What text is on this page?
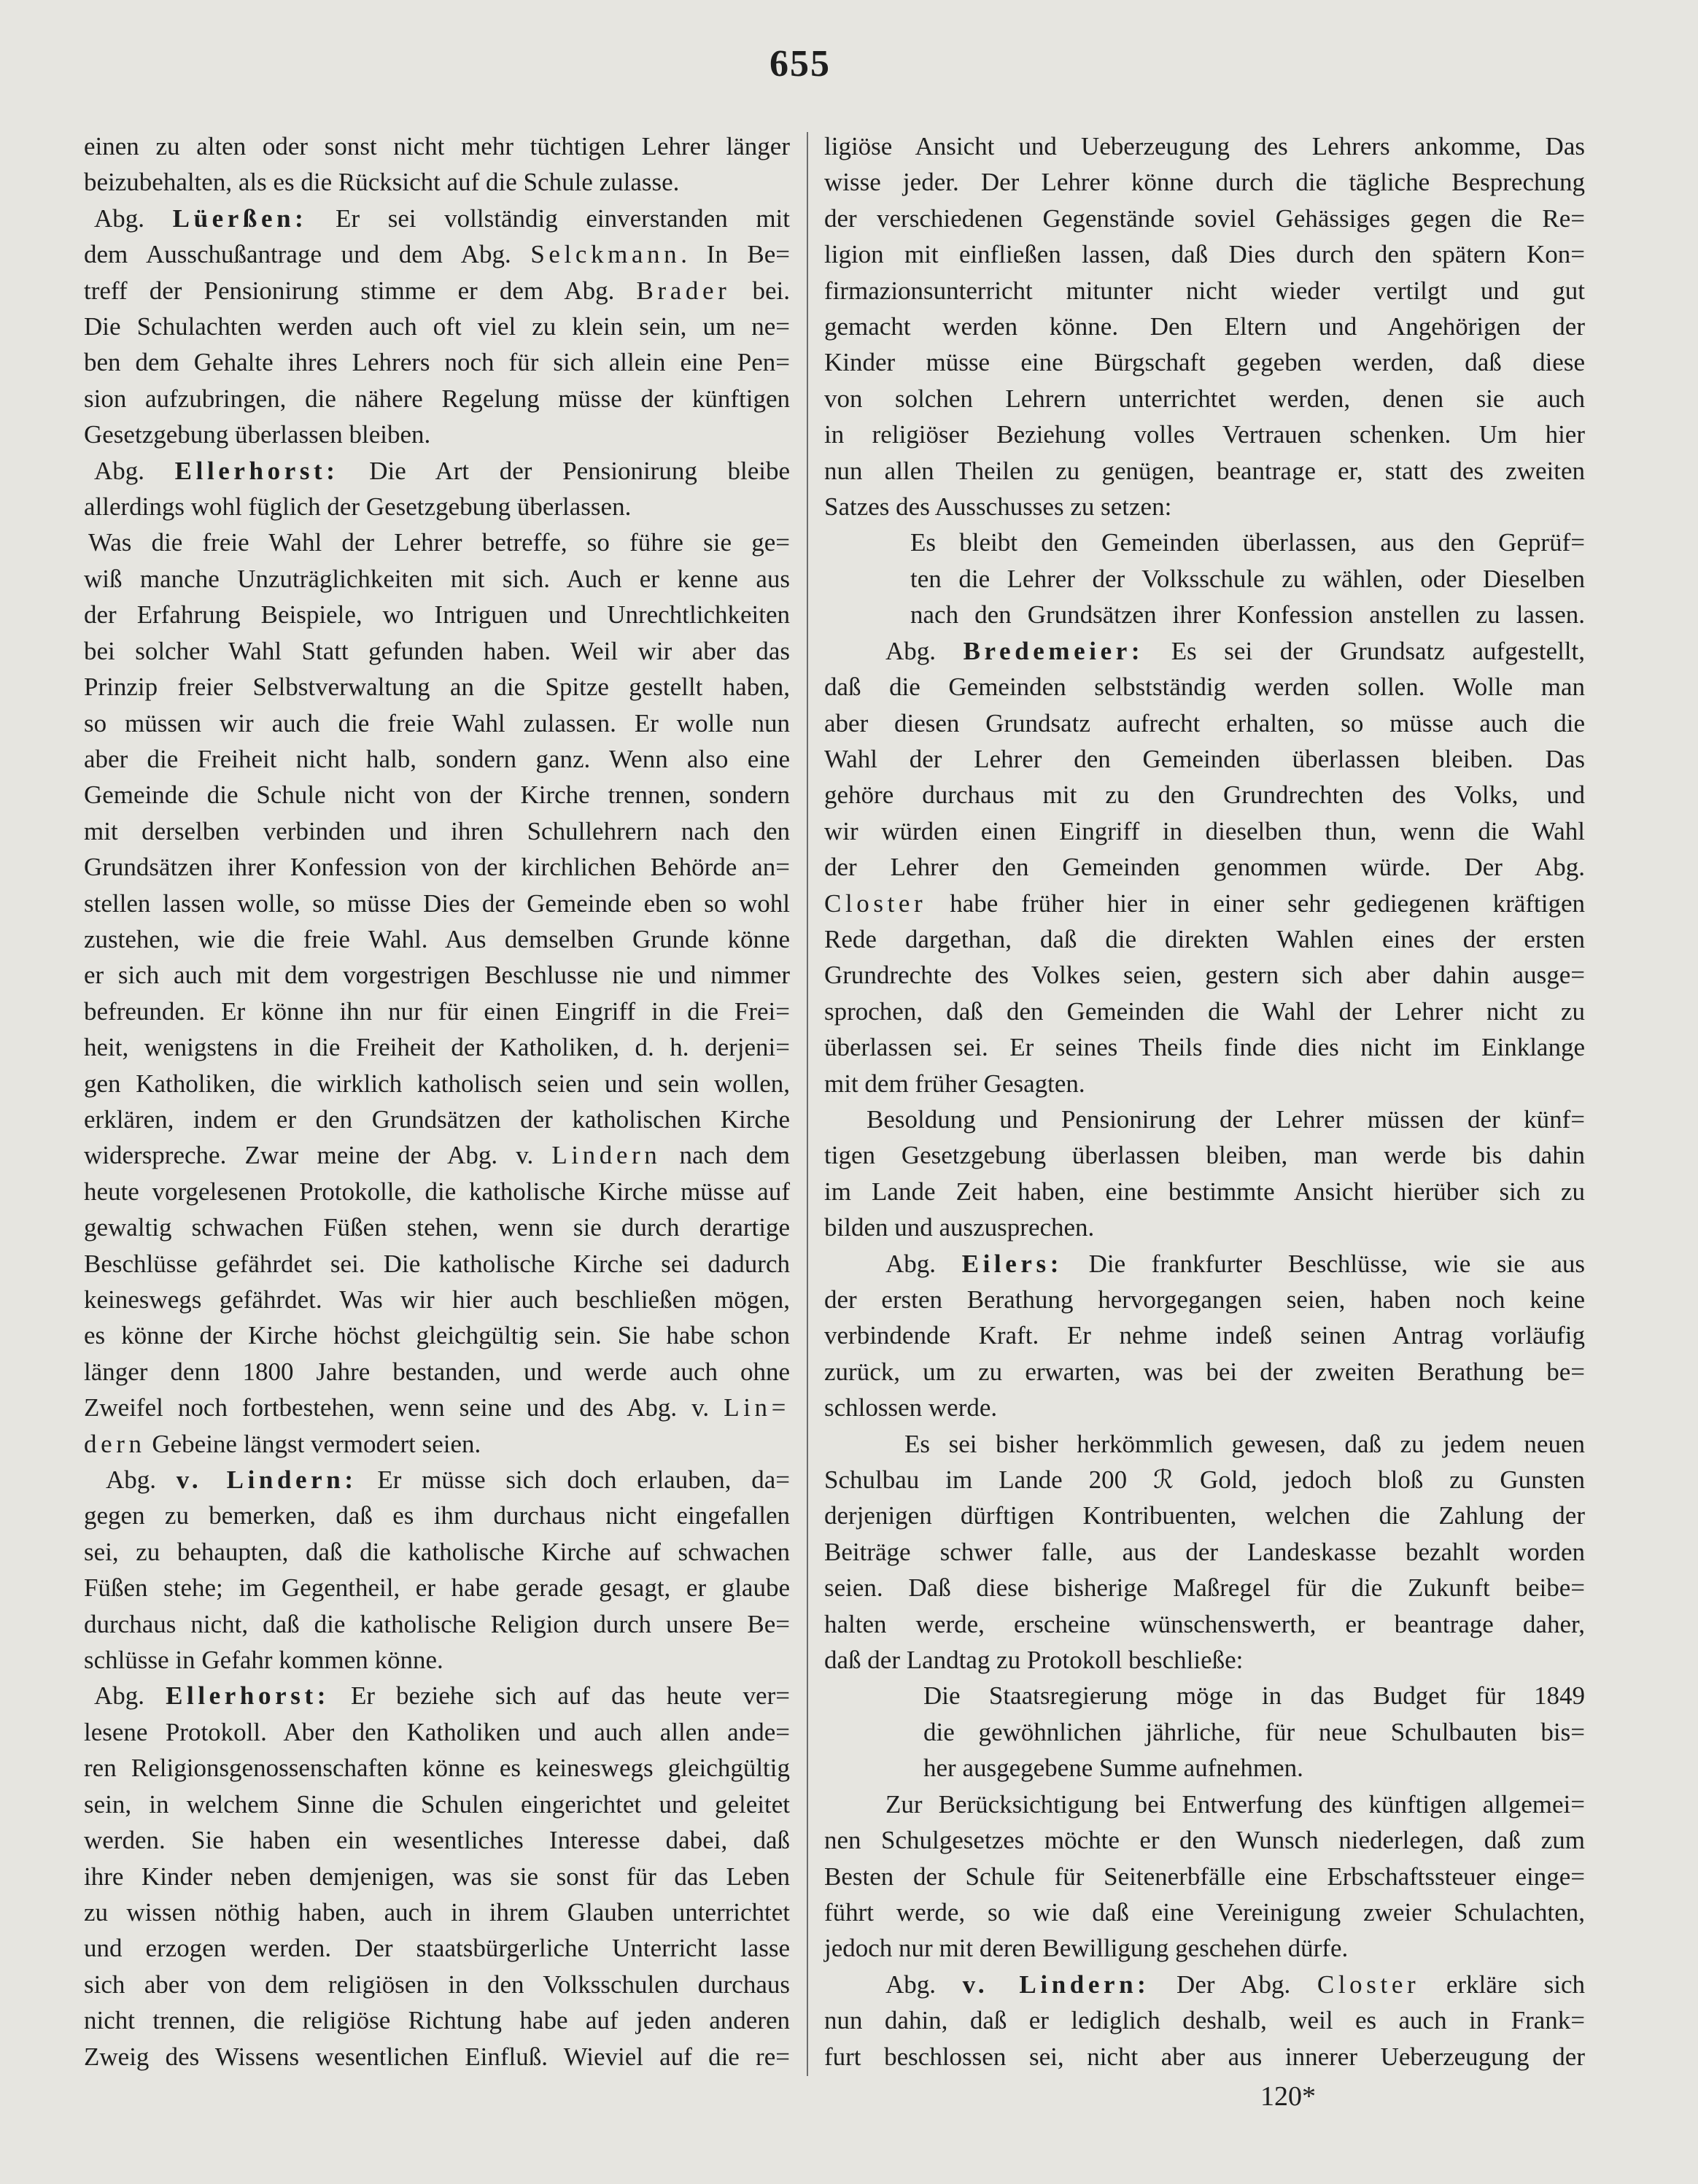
655
einen zu alten oder sonst nicht mehr tüchtigen Lehrer länger
beizubehalten, als es die Rücksicht auf die Schule zulasse.
Abg. Lüerßen: Er sei vollständig einverstanden mit
dem Ausschußantrage und dem Abg. Selckmann. In Be=
treff der Pensionirung stimme er dem Abg. Brader bei.
Die Schulachten werden auch oft viel zu klein sein, um ne=
ben dem Gehalte ihres Lehrers noch für sich allein eine Pen=
sion aufzubringen, die nähere Regelung müsse der künftigen
Gesetzgebung überlassen bleiben.
Abg. Ellerhorst: Die Art der Pensionirung bleibe
allerdings wohl füglich der Gesetzgebung überlassen.
Was die freie Wahl der Lehrer betreffe, so führe sie ge=
wiß manche Unzuträglichkeiten mit sich. Auch er kenne aus
der Erfahrung Beispiele, wo Intriguen und Unrechtlichkeiten
bei solcher Wahl Statt gefunden haben. Weil wir aber das
Prinzip freier Selbstverwaltung an die Spitze gestellt haben,
so müssen wir auch die freie Wahl zulassen. Er wolle nun
aber die Freiheit nicht halb, sondern ganz. Wenn also eine
Gemeinde die Schule nicht von der Kirche trennen, sondern
mit derselben verbinden und ihren Schullehrern nach den
Grundsätzen ihrer Konfession von der kirchlichen Behörde an=
stellen lassen wolle, so müsse Dies der Gemeinde eben so wohl
zustehen, wie die freie Wahl. Aus demselben Grunde könne
er sich auch mit dem vorgestrigen Beschlusse nie und nimmer
befreunden. Er könne ihn nur für einen Eingriff in die Frei=
heit, wenigstens in die Freiheit der Katholiken, d. h. derjeni=
gen Katholiken, die wirklich katholisch seien und sein wollen,
erklären, indem er den Grundsätzen der katholischen Kirche
widerspreche. Zwar meine der Abg. v. Lindern nach dem
heute vorgelesenen Protokolle, die katholische Kirche müsse auf
gewaltig schwachen Füßen stehen, wenn sie durch derartige
Beschlüsse gefährdet sei. Die katholische Kirche sei dadurch
keineswegs gefährdet. Was wir hier auch beschließen mögen,
es könne der Kirche höchst gleichgültig sein. Sie habe schon
länger denn 1800 Jahre bestanden, und werde auch ohne
Zweifel noch fortbestehen, wenn seine und des Abg. v. Lin=
dern Gebeine längst vermodert seien.
Abg. v. Lindern: Er müsse sich doch erlauben, da=
gegen zu bemerken, daß es ihm durchaus nicht eingefallen
sei, zu behaupten, daß die katholische Kirche auf schwachen
Füßen stehe; im Gegentheil, er habe gerade gesagt, er glaube
durchaus nicht, daß die katholische Religion durch unsere Be=
schlüsse in Gefahr kommen könne.
Abg. Ellerhorst: Er beziehe sich auf das heute ver=
lesene Protokoll. Aber den Katholiken und auch allen ande=
ren Religionsgenossenschaften könne es keineswegs gleichgültig
sein, in welchem Sinne die Schulen eingerichtet und geleitet
werden. Sie haben ein wesentliches Interesse dabei, daß
ihre Kinder neben demjenigen, was sie sonst für das Leben
zu wissen nöthig haben, auch in ihrem Glauben unterrichtet
und erzogen werden. Der staatsbürgerliche Unterricht lasse
sich aber von dem religiösen in den Volksschulen durchaus
nicht trennen, die religiöse Richtung habe auf jeden anderen
Zweig des Wissens wesentlichen Einfluß. Wieviel auf die re=
ligiöse Ansicht und Ueberzeugung des Lehrers ankomme, Das
wisse jeder. Der Lehrer könne durch die tägliche Besprechung
der verschiedenen Gegenstände soviel Gehässiges gegen die Re=
ligion mit einfließen lassen, daß Dies durch den spätern Kon=
firmazionsunterricht mitunter nicht wieder vertilgt und gut
gemacht werden könne. Den Eltern und Angehörigen der
Kinder müsse eine Bürgschaft gegeben werden, daß diese
von solchen Lehrern unterrichtet werden, denen sie auch
in religiöser Beziehung volles Vertrauen schenken. Um hier
nun allen Theilen zu genügen, beantrage er, statt des zweiten
Satzes des Ausschusses zu setzen:
Es bleibt den Gemeinden überlassen, aus den Geprüf=
ten die Lehrer der Volksschule zu wählen, oder Dieselben
nach den Grundsätzen ihrer Konfession anstellen zu lassen.
Abg. Bredemeier: Es sei der Grundsatz aufgestellt,
daß die Gemeinden selbstständig werden sollen. Wolle man
aber diesen Grundsatz aufrecht erhalten, so müsse auch die
Wahl der Lehrer den Gemeinden überlassen bleiben. Das
gehöre durchaus mit zu den Grundrechten des Volks, und
wir würden einen Eingriff in dieselben thun, wenn die Wahl
der Lehrer den Gemeinden genommen würde. Der Abg.
Closter habe früher hier in einer sehr gediegenen kräftigen
Rede dargethan, daß die direkten Wahlen eines der ersten
Grundrechte des Volkes seien, gestern sich aber dahin ausge=
sprochen, daß den Gemeinden die Wahl der Lehrer nicht zu
überlassen sei. Er seines Theils finde dies nicht im Einklange
mit dem früher Gesagten.
Besoldung und Pensionirung der Lehrer müssen der künf=
tigen Gesetzgebung überlassen bleiben, man werde bis dahin
im Lande Zeit haben, eine bestimmte Ansicht hierüber sich zu
bilden und auszusprechen.
Abg. Eilers: Die frankfurter Beschlüsse, wie sie aus
der ersten Berathung hervorgegangen seien, haben noch keine
verbindende Kraft. Er nehme indeß seinen Antrag vorläufig
zurück, um zu erwarten, was bei der zweiten Berathung be=
schlossen werde.
Es sei bisher herkömmlich gewesen, daß zu jedem neuen
Schulbau im Lande 200 ℛ Gold, jedoch bloß zu Gunsten
derjenigen dürftigen Kontribuenten, welchen die Zahlung der
Beiträge schwer falle, aus der Landeskasse bezahlt worden
seien. Daß diese bisherige Maßregel für die Zukunft beibe=
halten werde, erscheine wünschenswerth, er beantrage daher,
daß der Landtag zu Protokoll beschließe:
Die Staatsregierung möge in das Budget für 1849
die gewöhnlichen jährliche, für neue Schulbauten bis=
her ausgegebene Summe aufnehmen.
Zur Berücksichtigung bei Entwerfung des künftigen allgemei=
nen Schulgesetzes möchte er den Wunsch niederlegen, daß zum
Besten der Schule für Seitenerbfälle eine Erbschaftssteuer einge=
führt werde, so wie daß eine Vereinigung zweier Schulachten,
jedoch nur mit deren Bewilligung geschehen dürfe.
Abg. v. Lindern: Der Abg. Closter erkläre sich
nun dahin, daß er lediglich deshalb, weil es auch in Frank=
furt beschlossen sei, nicht aber aus innerer Ueberzeugung der
120*
